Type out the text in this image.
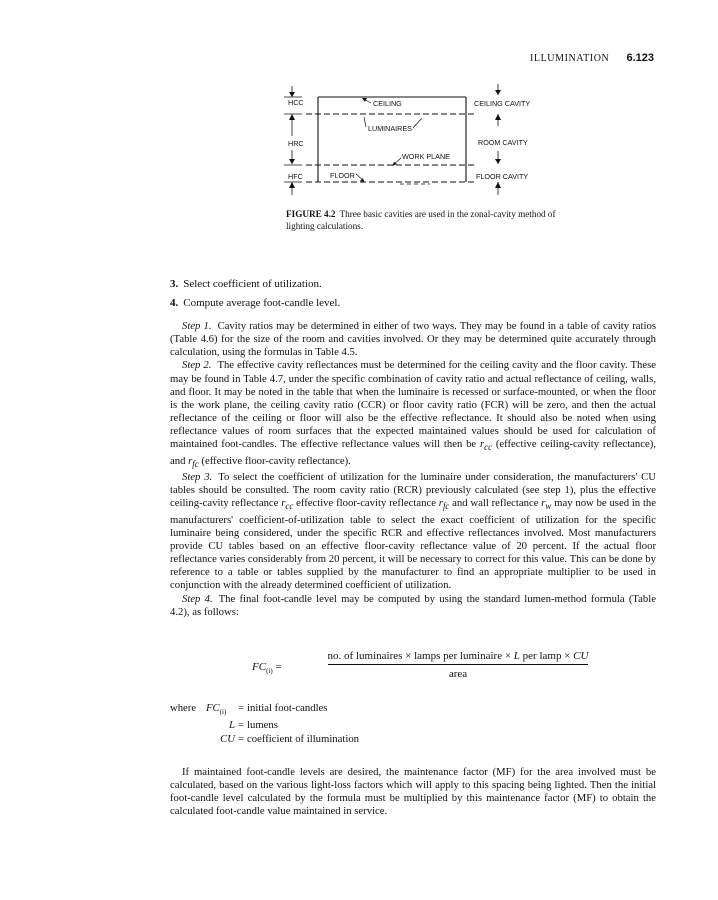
ILLUMINATION 6.123
HCC
HRC
HFC
CEILING
LUMINAIRES
WORK PLANE
FLOOR
CEILING CAVITY
ROOM CAVITY
FLOOR CAVITY
FIGURE 4.2 Three basic cavities are used in the zonal-cavity method of lighting calculations.
3. Select coefficient of utilization.
4. Compute average foot-candle level.

Step 1. Cavity ratios may be determined in either of two ways. They may be found in a table of cavity ratios (Table 4.6) for the size of the room and cavities involved. Or they may be determined quite accurately through calculation, using the formulas in Table 4.5.

Step 2. The effective cavity reflectances must be determined for the ceiling cavity and the floor cavity. These may be found in Table 4.7, under the specific combination of cavity ratio and actual reflectance of ceiling, walls, and floor. It may be noted in the table that when the luminaire is recessed or surface-mounted, or when the floor is the work plane, the ceiling cavity ratio (CCR) or floor cavity ratio (FCR) will be zero, and then the actual reflectance of the ceiling or floor will also be the effective reflectance. It should also be noted when using reflectance values of room surfaces that the expected maintained values should be used for calculation of maintained foot-candles. The effective reflectance values will then be $r_{cc}$ (effective ceiling-cavity reflectance), and $r_{fc}$ (effective floor-cavity reflectance).

Step 3. To select the coefficient of utilization for the luminaire under consideration, the manufacturers' CU tables should be consulted. The room cavity ratio (RCR) previously calculated (see step 1), plus the effective ceiling-cavity reflectance $r_{cc}$ effective floor-cavity reflectance $r_{fc}$ and wall reflectance $r_w$ may now be used in the manufacturers' coefficient-of-utilization table to select the exact coefficient of utilization for the specific luminaire being considered, under the specific RCR and effective reflectances involved. Most manufacturers provide CU tables based on an effective floor-cavity reflectance value of 20 percent. If the actual floor reflectance varies considerably from 20 percent, it will be necessary to correct for this value. This can be done by reference to a table or tables supplied by the manufacturer to find an appropriate multiplier to be used in conjunction with the already determined coefficient of utilization.

Step 4. The final foot-candle level may be computed by using the standard lumen-method formula (Table 4.2), as follows:

$FC_{(i)}$ =
no. of luminaires × lamps per luminaire × L per lamp × CU
area
where $FC_{(i)}$	= initial foot-candles
L = lumens
CU = coefficient of illumination

If maintained foot-candle levels are desired, the maintenance factor (MF) for the area involved must be calculated, based on the various light-loss factors which will apply to this spacing being lighted. Then the initial foot-candle level calculated by the formula must be multiplied by this maintenance factor (MF) to obtain the calculated foot-candle value maintained in service.
